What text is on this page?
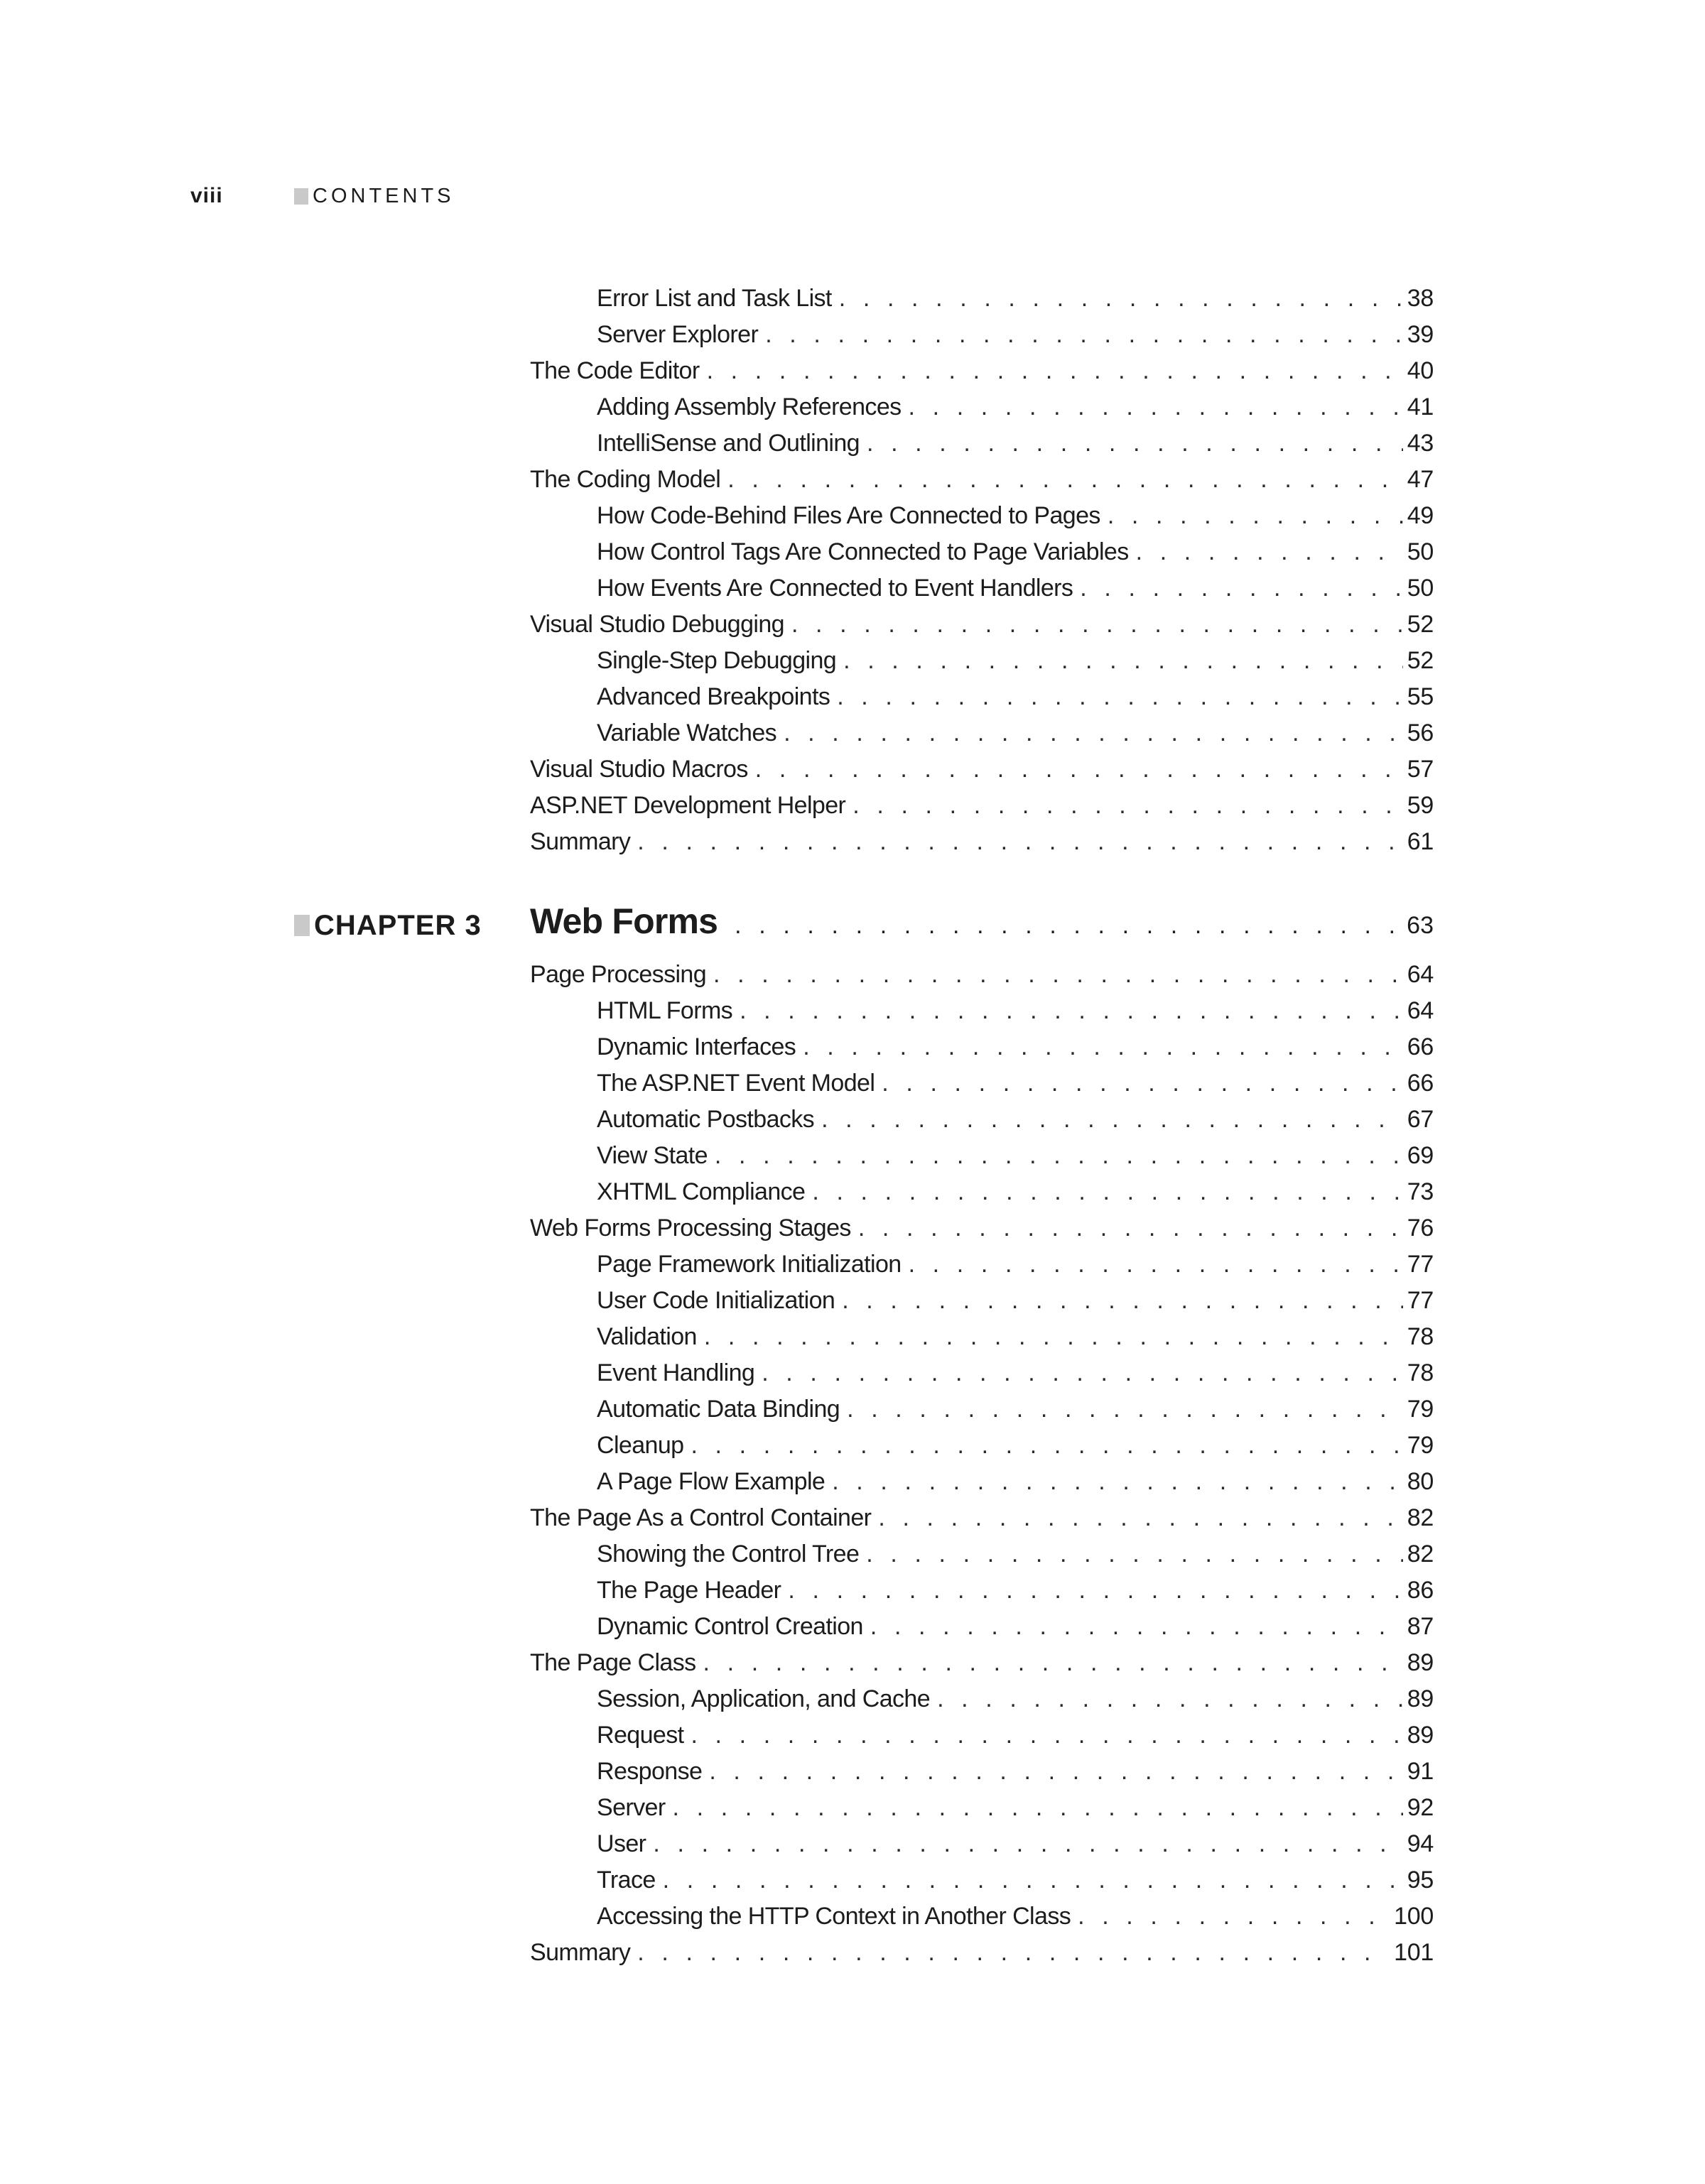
viii	CONTENTS
Error List and Task List . . .	38
Server Explorer . . .	39
The Code Editor . . .	40
Adding Assembly References . . .	41
IntelliSense and Outlining . . .	43
The Coding Model . . .	47
How Code-Behind Files Are Connected to Pages . . .	49
How Control Tags Are Connected to Page Variables . . .	50
How Events Are Connected to Event Handlers . . .	50
Visual Studio Debugging . . .	52
Single-Step Debugging . . .	52
Advanced Breakpoints . . .	55
Variable Watches . . .	56
Visual Studio Macros . . .	57
ASP.NET Development Helper . . .	59
Summary . . .	61
CHAPTER 3 Web Forms . . .	63
Page Processing . . .	64
HTML Forms . . .	64
Dynamic Interfaces . . .	66
The ASP.NET Event Model . . .	66
Automatic Postbacks . . .	67
View State . . .	69
XHTML Compliance . . .	73
Web Forms Processing Stages . . .	76
Page Framework Initialization . . .	77
User Code Initialization . . .	77
Validation . . .	78
Event Handling . . .	78
Automatic Data Binding . . .	79
Cleanup . . .	79
A Page Flow Example . . .	80
The Page As a Control Container . . .	82
Showing the Control Tree . . .	82
The Page Header . . .	86
Dynamic Control Creation . . .	87
The Page Class . . .	89
Session, Application, and Cache . . .	89
Request . . .	89
Response . . .	91
Server . . .	92
User . . .	94
Trace . . .	95
Accessing the HTTP Context in Another Class . . .	100
Summary . . .	101
